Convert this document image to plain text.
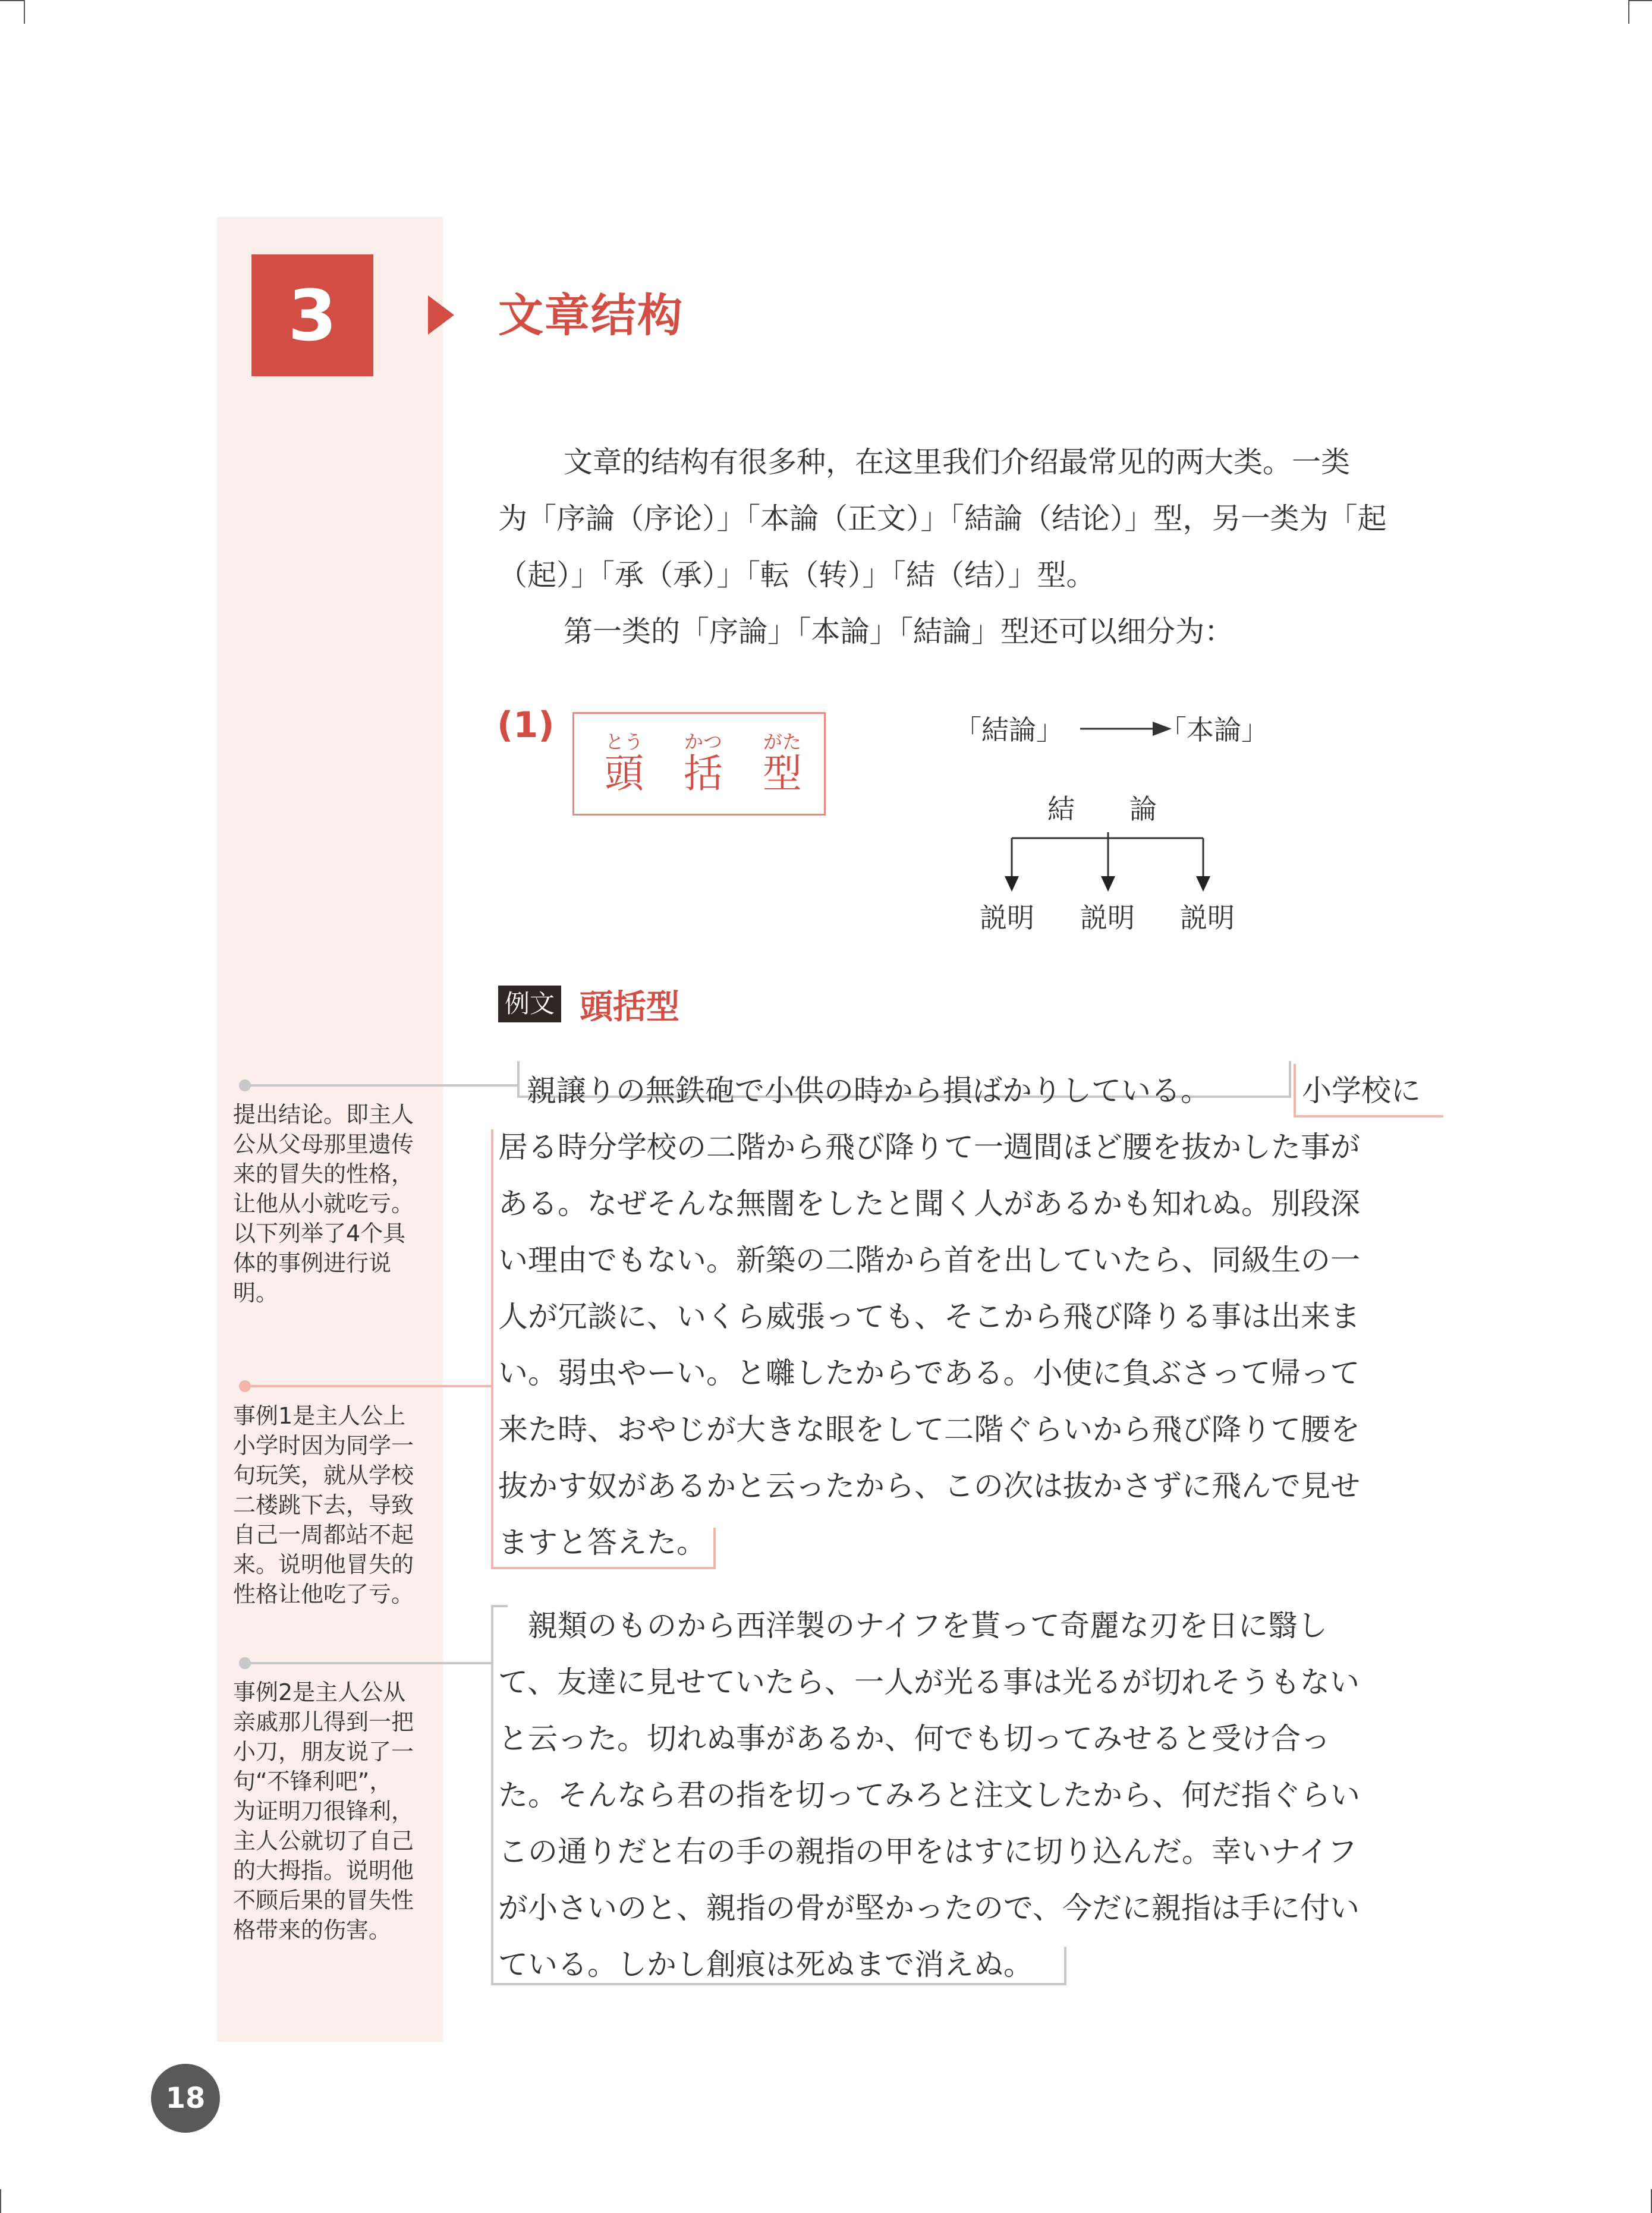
3	文章结构

文章的结构有很多种，在这里我们介绍最常见的两大类。一类

为「序論（序论）」「本論（正文）」「結論（结论）」型，另一类为「起

（起）」「承（承）」「転（转）」「結（结）」型。

第一类的「序論」「本論」「結論」型还可以细分为：

(1)	とう
頭
かつ
括
がた
型
「結論」	「本論」
結　　論
説明 説明 説明
例文 頭括型
親譲りの無鉄砲で小供の時から損ばかりしている。	小学校に
居る時分学校の二階から飛び降りて一週間ほど腰を抜かした事が
ある。なぜそんな無闇をしたと聞く人があるかも知れぬ。別段深
い理由でもない。新築の二階から首を出していたら、同級生の一
人が冗談に、いくら威張っても、そこから飛び降りる事は出来ま
い。弱虫やーい。と囃したからである。小使に負ぶさって帰って
来た時、おやじが大きな眼をして二階ぐらいから飛び降りて腰を
抜かす奴があるかと云ったから、この次は抜かさずに飛んで見せ
ますと答えた。
親類のものから西洋製のナイフを貰って奇麗な刃を日に翳し
て、友達に見せていたら、一人が光る事は光るが切れそうもない
と云った。切れぬ事があるか、何でも切ってみせると受け合っ
た。そんなら君の指を切ってみろと注文したから、何だ指ぐらい
この通りだと右の手の親指の甲をはすに切り込んだ。幸いナイフ
が小さいのと、親指の骨が堅かったので、今だに親指は手に付い
ている。しかし創痕は死ぬまで消えぬ。
提出结论。即主人
公从父母那里遗传
来的冒失的性格，
让他从小就吃亏。
以下列举了4个具
体的事例进行说
明。
事例1是主人公上
小学时因为同学一
句玩笑，就从学校
二楼跳下去，导致
自己一周都站不起
来。说明他冒失的
性格让他吃了亏。
事例2是主人公从
亲戚那儿得到一把
小刀，朋友说了一
句“不锋利吧”，
为证明刀很锋利，
主人公就切了自己
的大拇指。说明他
不顾后果的冒失性
格带来的伤害。
18
